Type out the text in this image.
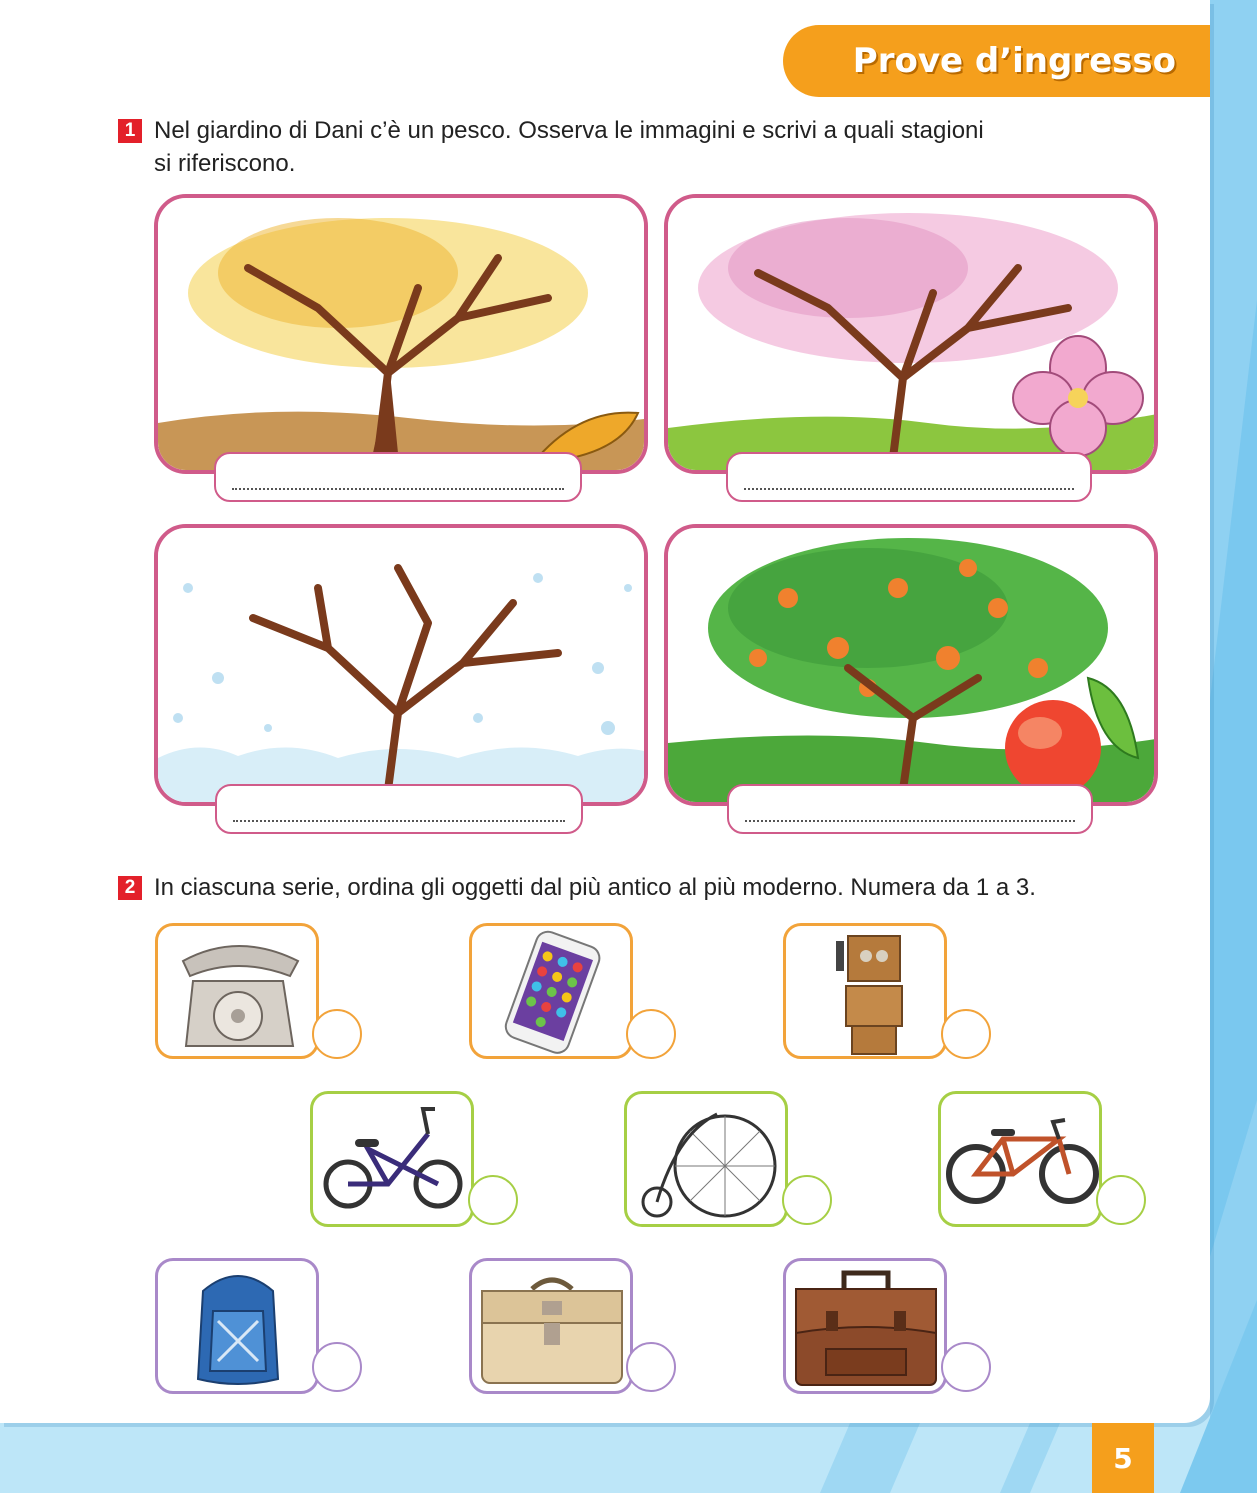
Prove d’ingresso
1 Nel giardino di Dani c’è un pesco. Osserva le immagini e scrivi a quali stagioni
si riferiscono.
2 In ciascuna serie, ordina gli oggetti dal più antico al più moderno. Numera da 1 a 3.
5
